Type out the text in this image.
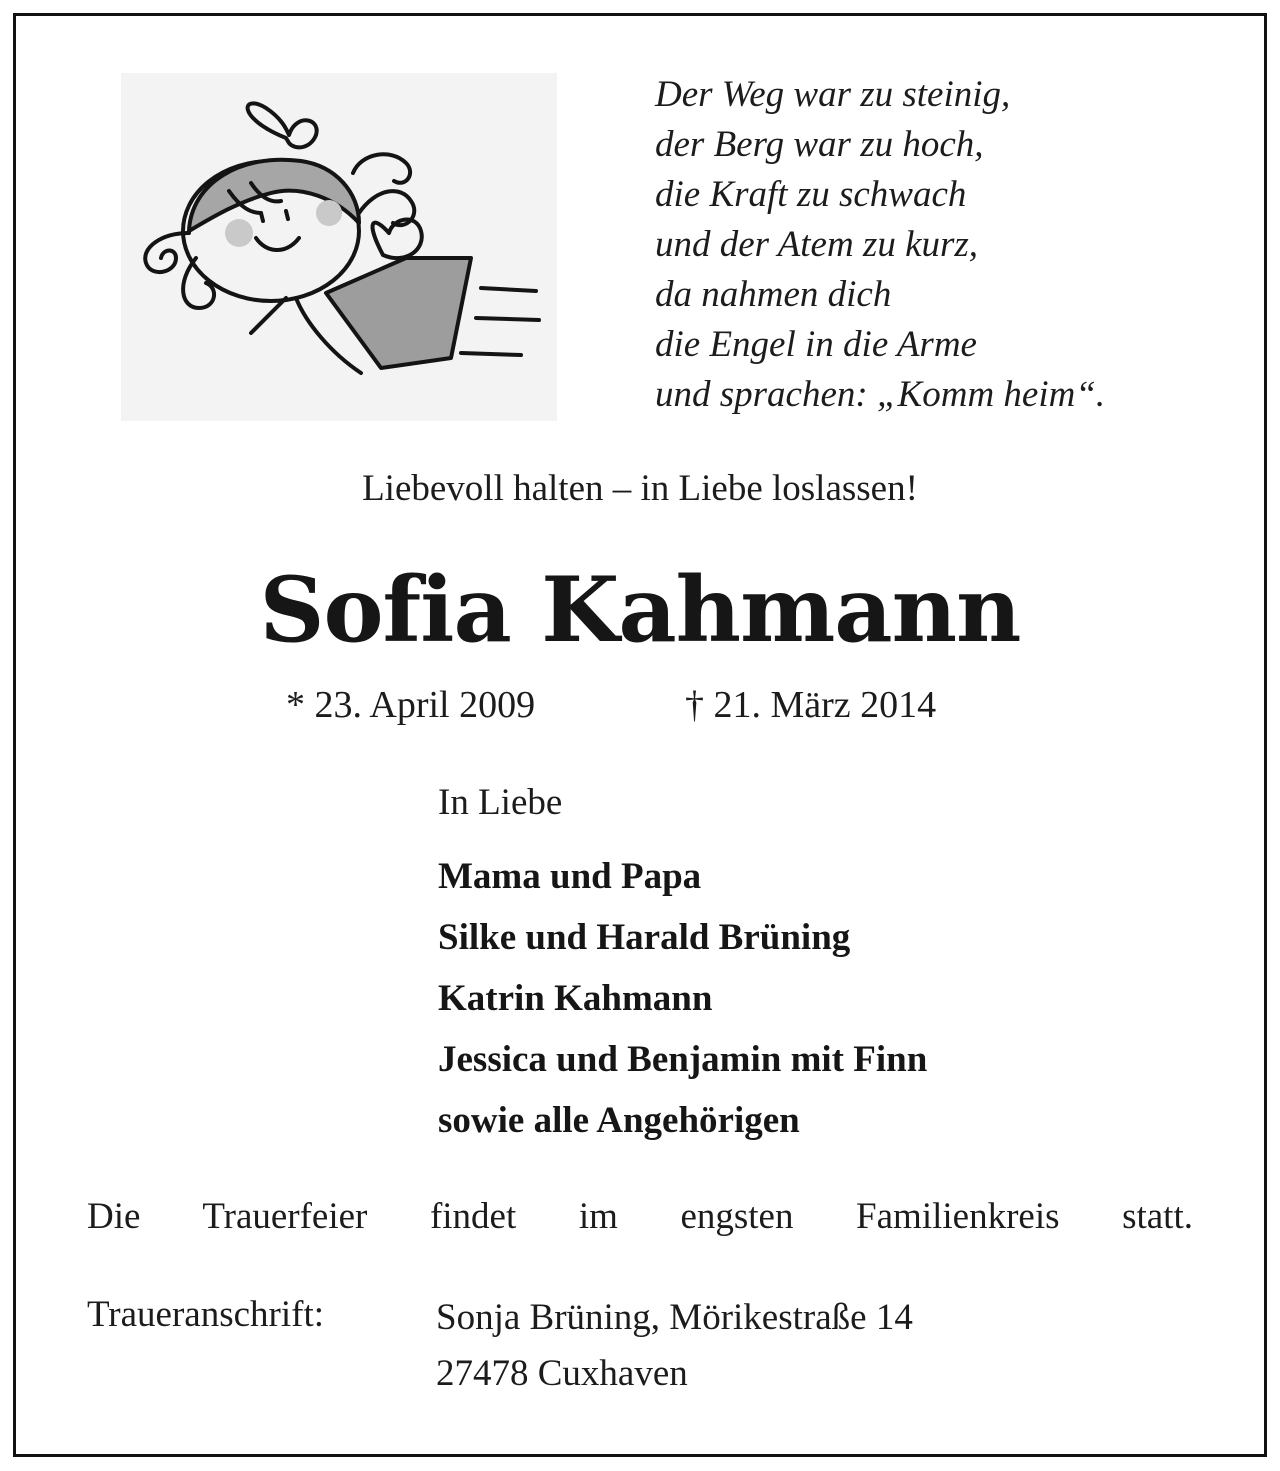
Der Weg war zu steinig,
der Berg war zu hoch,
die Kraft zu schwach
und der Atem zu kurz,
da nahmen dich
die Engel in die Arme
und sprachen: „Komm heim“.
Liebevoll halten – in Liebe loslassen!
Sofia Kahmann
* 23. April 2009	† 21. März 2014
In Liebe
Mama und Papa
Silke und Harald Brüning
Katrin Kahmann
Jessica und Benjamin mit Finn
sowie alle Angehörigen
Die Trauerfeier findet im engsten Familienkreis statt.
Traueranschrift:	Sonja Brüning, Mörikestraße 14
27478 Cuxhaven
